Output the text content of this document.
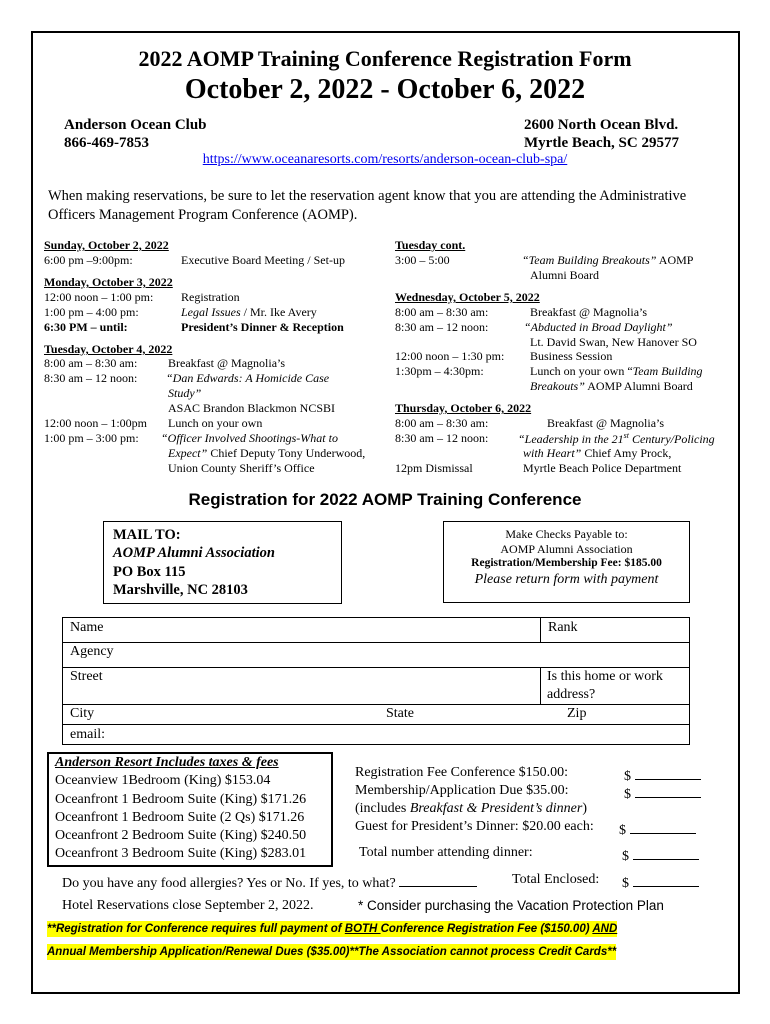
2022 AOMP Training Conference Registration Form
October 2, 2022 - October 6, 2022
Anderson Ocean Club
866-469-7853
2600 North Ocean Blvd.
Myrtle Beach, SC 29577
https://www.oceanaresorts.com/resorts/anderson-ocean-club-spa/
When making reservations, be sure to let the reservation agent know that you are attending the Administrative Officers Management Program Conference (AOMP).
Sunday, October 2, 2022
6:00 pm –9:00pm:	Executive Board Meeting / Set-up
Monday, October 3, 2022
12:00 noon – 1:00 pm: Registration
1:00 pm – 4:00 pm:	Legal Issues / Mr. Ike Avery
6:30 PM – until:	President’s Dinner & Reception
Tuesday, October 4, 2022
8:00 am – 8:30 am:	Breakfast @ Magnolia’s
8:30 am – 12 noon: “Dan Edwards: A Homicide Case
Study”
ASAC Brandon Blackmon NCSBI
12:00 noon – 1:00pm Lunch on your own
1:00 pm – 3:00 pm: “Officer Involved Shootings-What to
Expect” Chief Deputy Tony Underwood,
Union County Sheriff’s Office
Tuesday cont.
3:00 – 5:00	“Team Building Breakouts” AOMP
Alumni Board
Wednesday, October 5, 2022
8:00 am – 8:30 am:	Breakfast @ Magnolia’s
8:30 am – 12 noon:	“Abducted in Broad Daylight”
Lt. David Swan, New Hanover SO
12:00 noon – 1:30 pm: Business Session
1:30pm – 4:30pm:	Lunch on your own “Team Building
Breakouts” AOMP Alumni Board
Thursday, October 6, 2022
8:00 am – 8:30 am:	Breakfast @ Magnolia’s
8:30 am – 12 noon: “Leadership in the 21st Century/Policing
with Heart” Chief Amy Prock,
12pm Dismissal	Myrtle Beach Police Department
Registration for 2022 AOMP Training Conference
MAIL TO:
AOMP Alumni Association
PO Box 115
Marshville, NC 28103
Make Checks Payable to:
AOMP Alumni Association
Registration/Membership Fee: $185.00
Please return form with payment
Name	Rank
Agency
Street	Is this home or work
address?
City	State	Zip
email:
Anderson Resort Includes taxes & fees
Oceanview 1Bedroom (King) $153.04
Oceanfront 1 Bedroom Suite (King) $171.26
Oceanfront 1 Bedroom Suite (2 Qs) $171.26
Oceanfront 2 Bedroom Suite (King) $240.50
Oceanfront 3 Bedroom Suite (King) $283.01
Registration Fee Conference $150.00:	$
Membership/Application Due $35.00:	$
(includes Breakfast & President’s dinner)
Guest for President’s Dinner: $20.00 each: $
Total number attending dinner:	$
Do you have any food allergies? Yes or No. If yes, to what?	Total Enclosed: $
Hotel Reservations close September 2, 2022.	* Consider purchasing the Vacation Protection Plan
**Registration for Conference requires full payment of BOTH Conference Registration Fee ($150.00) AND
Annual Membership Application/Renewal Dues ($35.00)**The Association cannot process Credit Cards**
